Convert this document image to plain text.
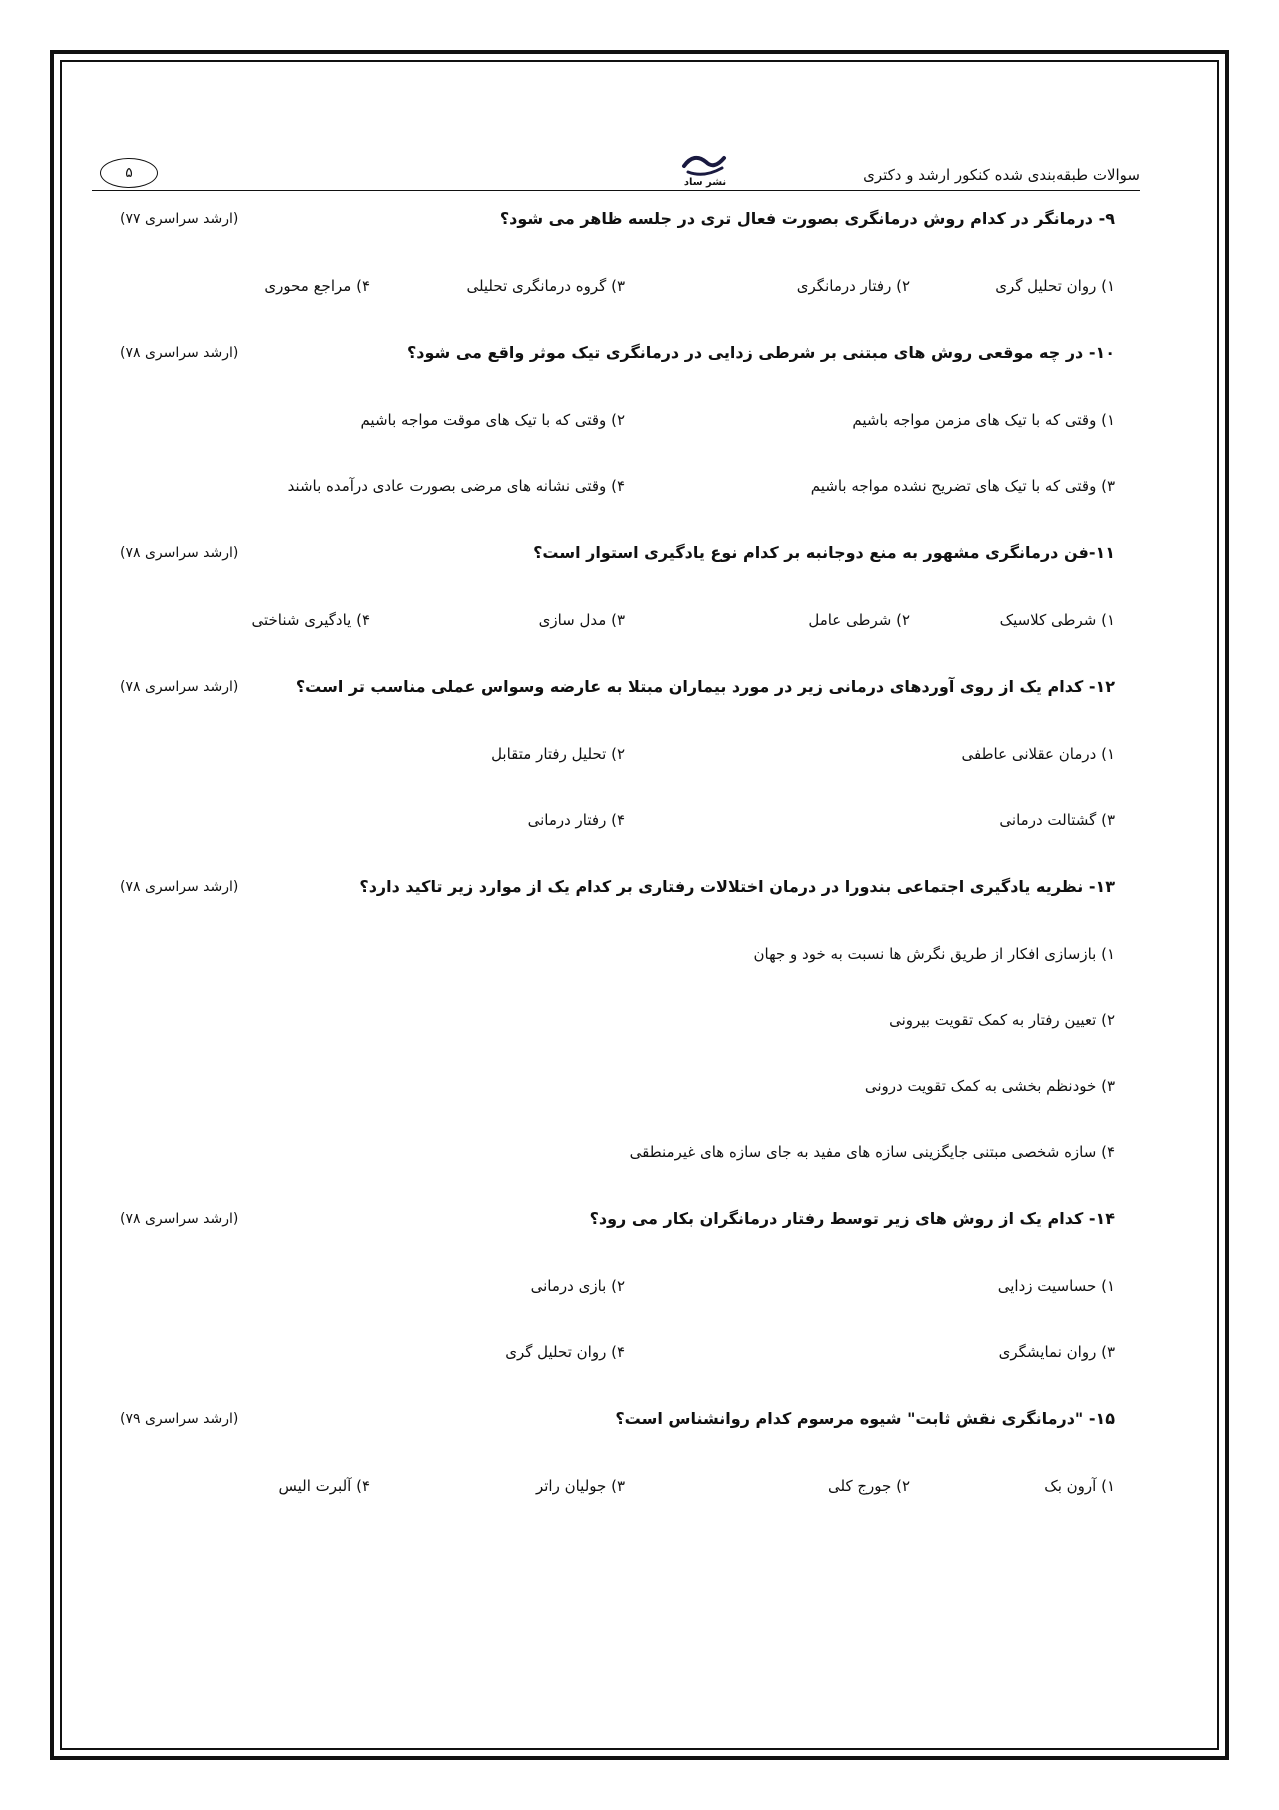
۵
نشر ساد	سوالات طبقه‌بندی شده کنکور ارشد و دکتری
۹- درمانگر در کدام روش درمانگری بصورت فعال تری در جلسه ظاهر می شود؟
(ارشد سراسری ۷۷)
۱) روان تحلیل گری
۲) رفتار درمانگری
۳) گروه درمانگری تحلیلی
۴) مراجع محوری
۱۰- در چه موقعی روش های مبتنی بر شرطی زدایی در درمانگری تیک موثر واقع می شود؟
(ارشد سراسری ۷۸)
۱) وقتی که با تیک های مزمن مواجه باشیم
۲) وقتی که با تیک های موقت مواجه باشیم
۳) وقتی که با تیک های تضریح نشده مواجه باشیم
۴) وقتی نشانه های مرضی بصورت عادی درآمده باشند
۱۱-فن درمانگری مشهور به منع دوجانبه بر کدام نوع یادگیری استوار است؟
(ارشد سراسری ۷۸)
۱) شرطی کلاسیک
۲) شرطی عامل
۳) مدل سازی
۴) یادگیری شناختی
۱۲- کدام یک از روی آوردهای درمانی زیر در مورد بیماران مبتلا به عارضه وسواس عملی مناسب تر است؟
(ارشد سراسری ۷۸)
۱) درمان عقلانی عاطفی
۲) تحلیل رفتار متقابل
۳) گشتالت درمانی
۴) رفتار درمانی
۱۳- نظریه یادگیری اجتماعی بندورا در درمان اختلالات رفتاری بر کدام یک از موارد زیر تاکید دارد؟
(ارشد سراسری ۷۸)
۱) بازسازی افکار از طریق نگرش ها نسبت به خود و جهان
۲) تعیین رفتار به کمک تقویت بیرونی
۳) خودنظم بخشی به کمک تقویت درونی
۴) سازه شخصی مبتنی جایگزینی سازه های مفید به جای سازه های غیرمنطقی
۱۴- کدام یک از روش های زیر توسط رفتار درمانگران بکار می رود؟
(ارشد سراسری ۷۸)
۱) حساسیت زدایی
۲) بازی درمانی
۳) روان نمایشگری
۴) روان تحلیل گری
۱۵- "درمانگری نقش ثابت" شیوه مرسوم کدام روانشناس است؟
(ارشد سراسری ۷۹)
۱) آرون بک
۲) جورج کلی
۳) جولیان راتر
۴) آلبرت الیس
